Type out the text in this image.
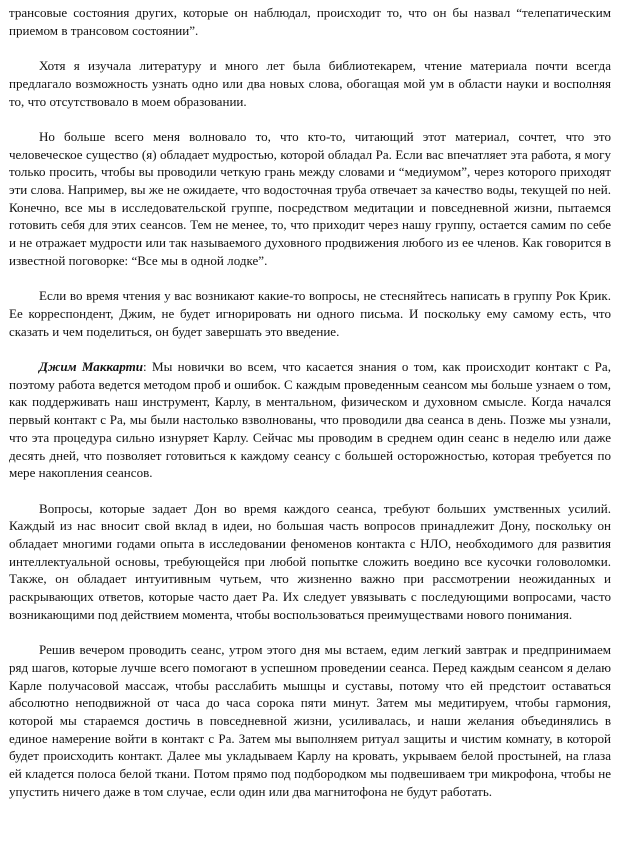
трансовые состояния других, которые он наблюдал, происходит то, что он бы назвал “телепатическим приемом в трансовом состоянии”.

Хотя я изучала литературу и много лет была библиотекарем, чтение материала почти всегда предлагало возможность узнать одно или два новых слова, обогащая мой ум в области науки и восполняя то, что отсутствовало в моем образовании.

Но больше всего меня волновало то, что кто-то, читающий этот материал, сочтет, что это человеческое существо (я) обладает мудростью, которой обладал Ра. Если вас впечатляет эта работа, я могу только просить, чтобы вы проводили четкую грань между словами и “медиумом”, через которого приходят эти слова. Например, вы же не ожидаете, что водосточная труба отвечает за качество воды, текущей по ней. Конечно, все мы в исследовательской группе, посредством медитации и повседневной жизни, пытаемся готовить себя для этих сеансов. Тем не менее, то, что приходит через нашу группу, остается самим по себе и не отражает мудрости или так называемого духовного продвижения любого из ее членов. Как говорится в известной поговорке: “Все мы в одной лодке”.

Если во время чтения у вас возникают какие-то вопросы, не стесняйтесь написать в группу Рок Крик. Ее корреспондент, Джим, не будет игнорировать ни одного письма. И поскольку ему самому есть, что сказать и чем поделиться, он будет завершать это введение.

Джим Маккарти: Мы новички во всем, что касается знания о том, как происходит контакт с Ра, поэтому работа ведется методом проб и ошибок. С каждым проведенным сеансом мы больше узнаем о том, как поддерживать наш инструмент, Карлу, в ментальном, физическом и духовном смысле. Когда начался первый контакт с Ра, мы были настолько взволнованы, что проводили два сеанса в день. Позже мы узнали, что эта процедура сильно изнуряет Карлу. Сейчас мы проводим в среднем один сеанс в неделю или даже десять дней, что позволяет готовиться к каждому сеансу с большей осторожностью, которая требуется по мере накопления сеансов.

Вопросы, которые задает Дон во время каждого сеанса, требуют больших умственных усилий. Каждый из нас вносит свой вклад в идеи, но большая часть вопросов принадлежит Дону, поскольку он обладает многими годами опыта в исследовании феноменов контакта с НЛО, необходимого для развития интеллектуальной основы, требующейся при любой попытке сложить воедино все кусочки головоломки. Также, он обладает интуитивным чутьем, что жизненно важно при рассмотрении неожиданных и раскрывающих ответов, которые часто дает Ра. Их следует увязывать с последующими вопросами, часто возникающими под действием момента, чтобы воспользоваться преимуществами нового понимания.

Решив вечером проводить сеанс, утром этого дня мы встаем, едим легкий завтрак и предпринимаем ряд шагов, которые лучше всего помогают в успешном проведении сеанса. Перед каждым сеансом я делаю Карле получасовой массаж, чтобы расслабить мышцы и суставы, потому что ей предстоит оставаться абсолютно неподвижной от часа до часа сорока пяти минут. Затем мы медитируем, чтобы гармония, которой мы стараемся достичь в повседневной жизни, усиливалась, и наши желания объединялись в единое намерение войти в контакт с Ра. Затем мы выполняем ритуал защиты и чистим комнату, в которой будет происходить контакт. Далее мы укладываем Карлу на кровать, укрываем белой простыней, на глаза ей кладется полоса белой ткани. Потом прямо под подбородком мы подвешиваем три микрофона, чтобы не упустить ничего даже в том случае, если один или два магнитофона не будут работать.
